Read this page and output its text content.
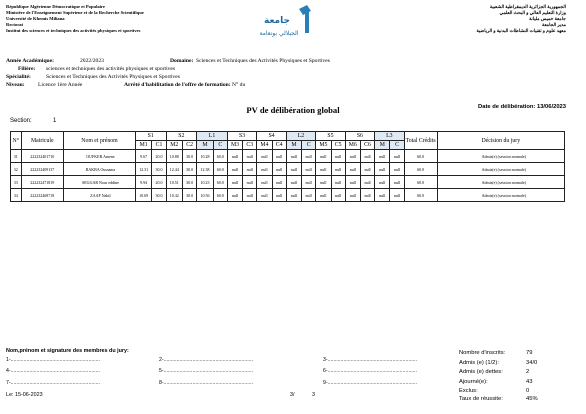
République Algérienne Démocratique et Populaire
Ministère de l'Enseignement Supérieur et de la Recherche Scientifique
Université de Khemis Miliana
Rectorat
Institut des sciences et techniques des activités physiques et sportives
الجمهورية الجزائرية الديمقراطية الشعبية
وزارة التعليم العالي و البحث العلمي
جامعة خميس مليانة
مدير الجامعة
معهد علوم و تقنيات النشاطات البدنية و الرياضية
جامعة
الجيلالي بونعامة
Année Académique:	2022/2023	Domaine: Sciences et Techniques des Activités Physiques et Sportives
Filière: sciences et techniques des activités physiques et sportives
Spécialité:	Sciences et Techniques des Activités Physiques et Sportives
Niveau: Licence 1ère Année	Arrêté d'habilitation de l'offre de formation: N° du
PV de délibération global	Date de délibération: 13/06/2023
Section:	1
N°	Matricule	Nom et prénom	S1		S2		L1		S3		S4		L2		S5		S6		L3		Total Crédits	Décision du jury
			M1	C1	M2	C2	M	C	M3	C3	M4	C4	M	C	M5	C5	M6	C6	M	C		
31	222232401710	OUFKER Amene	9.67	20.0	10.88	30.0	10.28	60.0	null	null	null	null	null	null	null	null	null	null	null	null	60.0	Admis(e) (session normale)
32	222232409137	RAKBA Oussama	12.31	30.0	12.44	30.0	12.38	60.0	null	null	null	null	null	null	null	null	null	null	null	null	60.0	Admis(e) (session normale)
33	222232471819	SEGGAR Nour eddine	9.94	20.0	10.51	30.0	10.23	60.0	null	null	null	null	null	null	null	null	null	null	null	null	60.0	Admis(e) (session normale)
34	222232468718	ZAAF Nabil	10.69	30.0	10.42	30.0	10.56	60.0	null	null	null	null	null	null	null	null	null	null	null	null	60.0	Admis(e) (session normale)
Nom,prénom et signature des membres du jury:
1-..............................................................	2-..............................................................	3-..............................................................
4-..............................................................	5-..............................................................	6-..............................................................
7-..............................................................	8-..............................................................	9-..............................................................
Nombre d'inscrits:	79
Admis (e) (1/2):	34/0
Admis (e) dettes:	2
Ajourné(e):	43
Exclus:	0
Taux de réussite:	45%
Le: 15-06-2023	3/	3
